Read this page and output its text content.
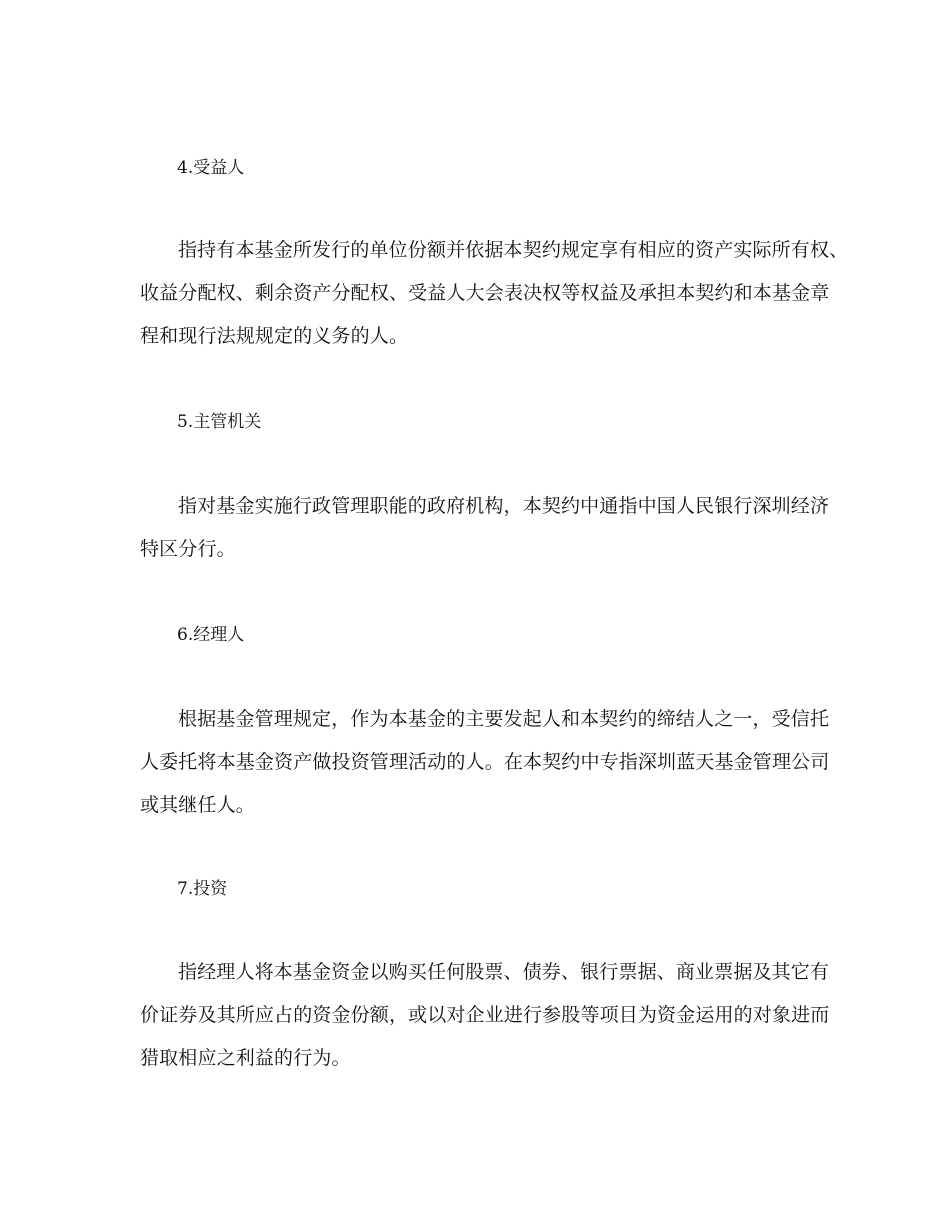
4.受益人
指持有本基金所发行的单位份额并依据本契约规定享有相应的资产实际所有权、
收益分配权、剩余资产分配权、受益人大会表决权等权益及承担本契约和本基金章
程和现行法规规定的义务的人。
5.主管机关
指对基金实施行政管理职能的政府机构，本契约中通指中国人民银行深圳经济
特区分行。
6.经理人
根据基金管理规定，作为本基金的主要发起人和本契约的缔结人之一，受信托
人委托将本基金资产做投资管理活动的人。在本契约中专指深圳蓝天基金管理公司
或其继任人。
7.投资
指经理人将本基金资金以购买任何股票、债券、银行票据、商业票据及其它有
价证券及其所应占的资金份额，或以对企业进行参股等项目为资金运用的对象进而
猎取相应之利益的行为。
